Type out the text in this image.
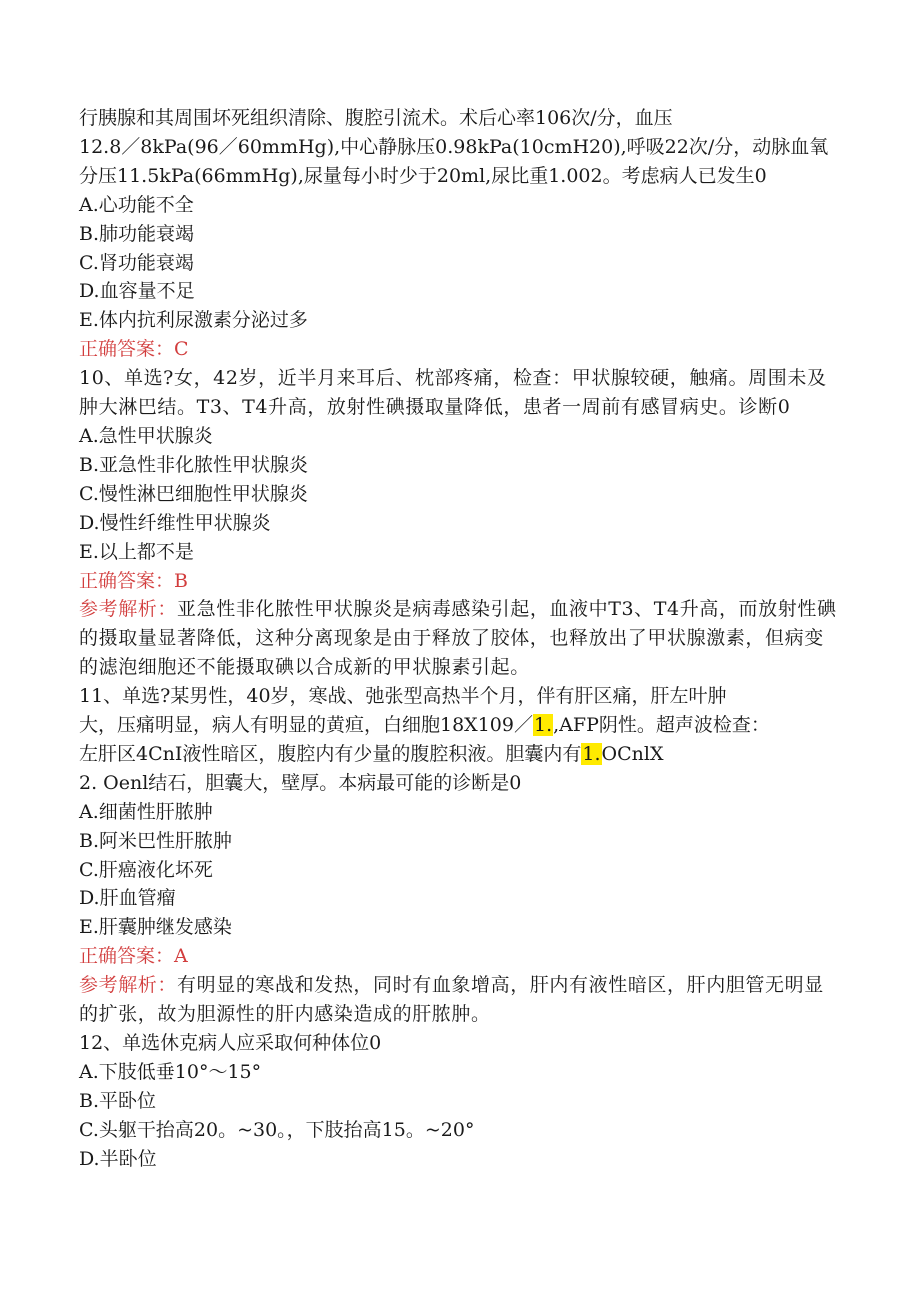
行胰腺和其周围坏死组织清除、腹腔引流术。术后心率106次/分，血压
12.8／8kPa(96／60mmHg),中心静脉压0.98kPa(10cmH20),呼吸22次/分，动脉血氧
分压11.5kPa(66mmHg),尿量每小时少于20ml,尿比重1.002。考虑病人已发生0
A.心功能不全
B.肺功能衰竭
C.肾功能衰竭
D.血容量不足
E.体内抗利尿激素分泌过多
正确答案：C
10、单选?女，42岁，近半月来耳后、枕部疼痛，检查：甲状腺较硬，触痛。周围未及肿大淋巴结。T3、T4升高，放射性碘摄取量降低，患者一周前有感冒病史。诊断0
A.急性甲状腺炎
B.亚急性非化脓性甲状腺炎
C.慢性淋巴细胞性甲状腺炎
D.慢性纤维性甲状腺炎
E.以上都不是
正确答案：B
参考解析：亚急性非化脓性甲状腺炎是病毒感染引起，血液中T3、T4升高，而放射性碘的摄取量显著降低，这种分离现象是由于释放了胶体，也释放出了甲状腺激素，但病变的滤泡细胞还不能摄取碘以合成新的甲状腺素引起。
11、单选?某男性，40岁，寒战、弛张型高热半个月，伴有肝区痛，肝左叶肿
大，压痛明显，病人有明显的黄疸，白细胞18X109／1.,AFP阴性。超声波检查：
左肝区4CnI液性暗区，腹腔内有少量的腹腔积液。胆囊内有1.OCnlX
2. Oenl结石，胆囊大，壁厚。本病最可能的诊断是0
A.细菌性肝脓肿
B.阿米巴性肝脓肿
C.肝癌液化坏死
D.肝血管瘤
E.肝囊肿继发感染
正确答案：A
参考解析：有明显的寒战和发热，同时有血象增高，肝内有液性暗区，肝内胆管无明显的扩张，故为胆源性的肝内感染造成的肝脓肿。
12、单选休克病人应采取何种体位0
A.下肢低垂10°～15°
B.平卧位
C.头躯干抬高20。~30。，下肢抬高15。~20°
D.半卧位
